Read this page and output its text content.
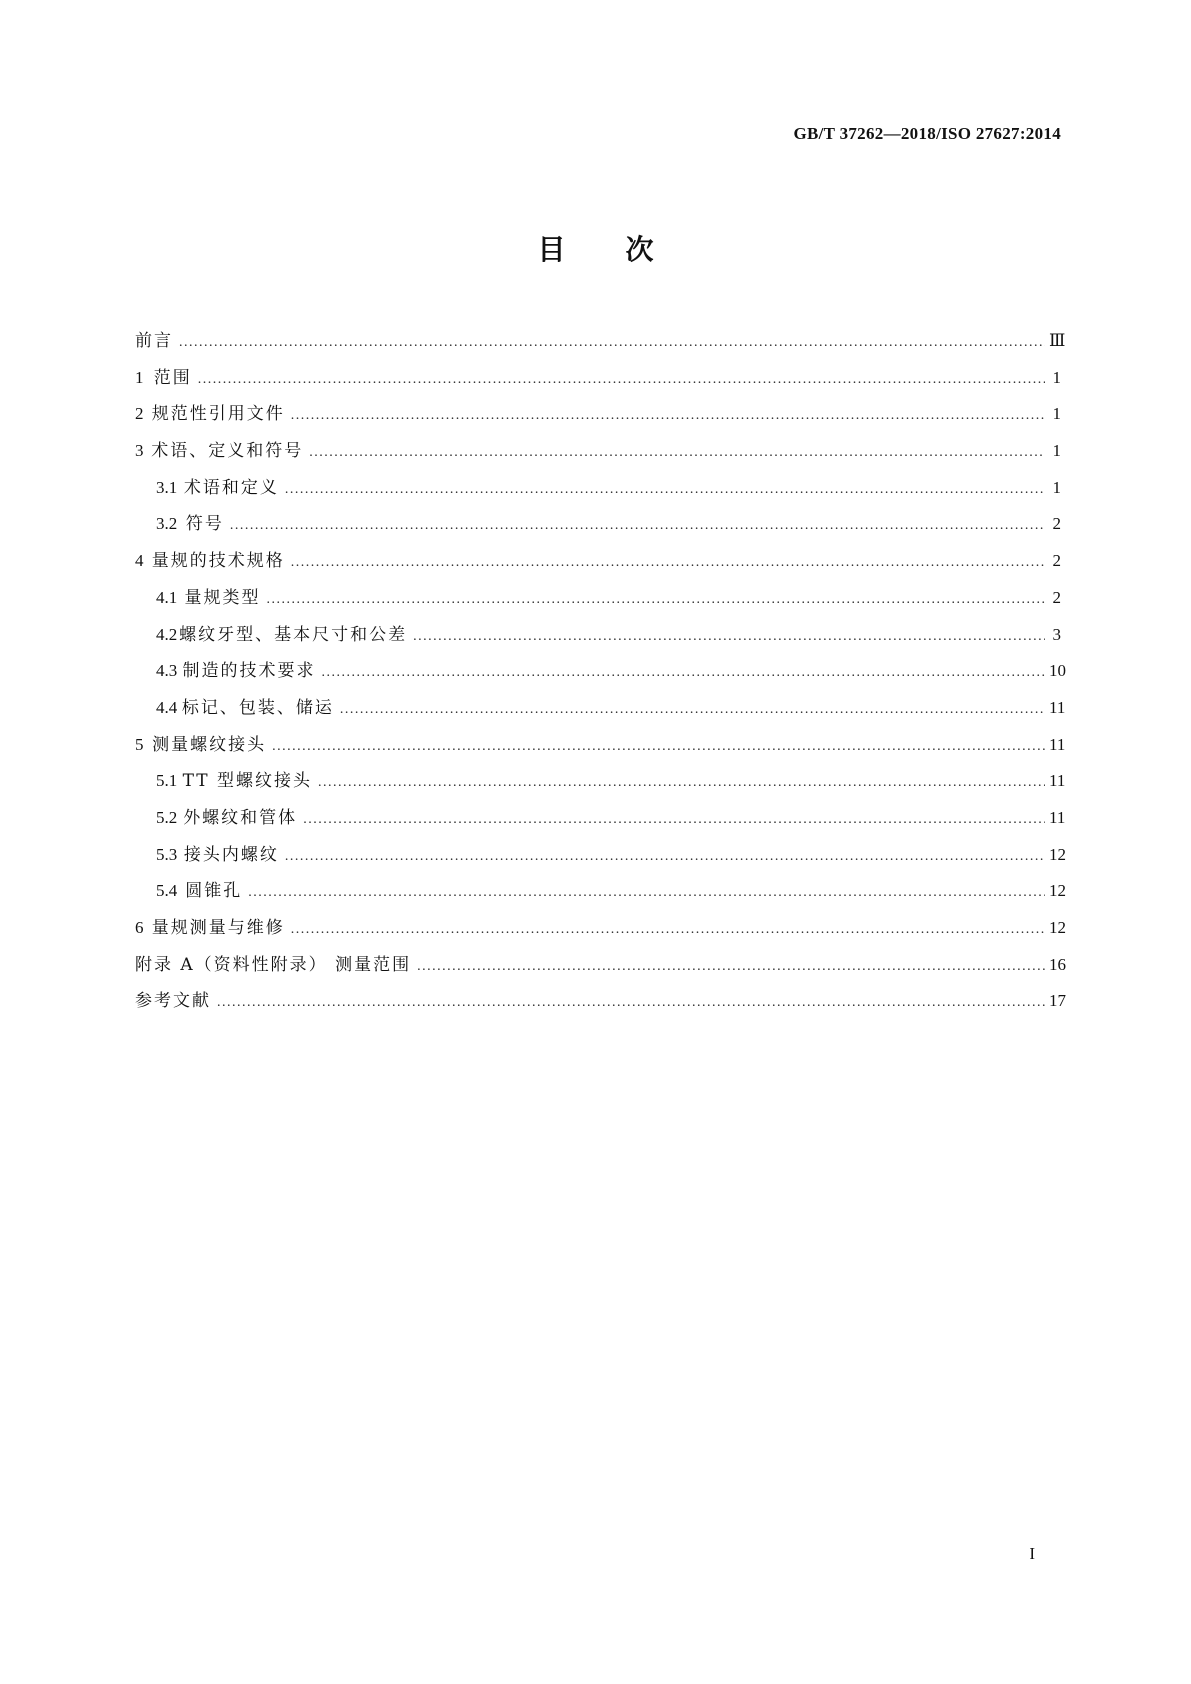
GB/T 37262—2018/ISO 27627:2014
目次
前言 .....	Ⅲ
1 范围 .....	1
2 规范性引用文件 .....	1
3 术语、定义和符号 .....	1
3.1 术语和定义 .....	1
3.2 符号 .....	2
4 量规的技术规格 .....	2
4.1 量规类型 .....	2
4.2 螺纹牙型、基本尺寸和公差 .....	3
4.3 制造的技术要求 .....	10
4.4 标记、包装、储运 .....	11
5 测量螺纹接头 .....	11
5.1 TT 型螺纹接头 .....	11
5.2 外螺纹和管体 .....	11
5.3 接头内螺纹 .....	12
5.4 圆锥孔 .....	12
6 量规测量与维修 .....	12
附录 A（资料性附录） 测量范围 .....	16
参考文献 .....	17
I
